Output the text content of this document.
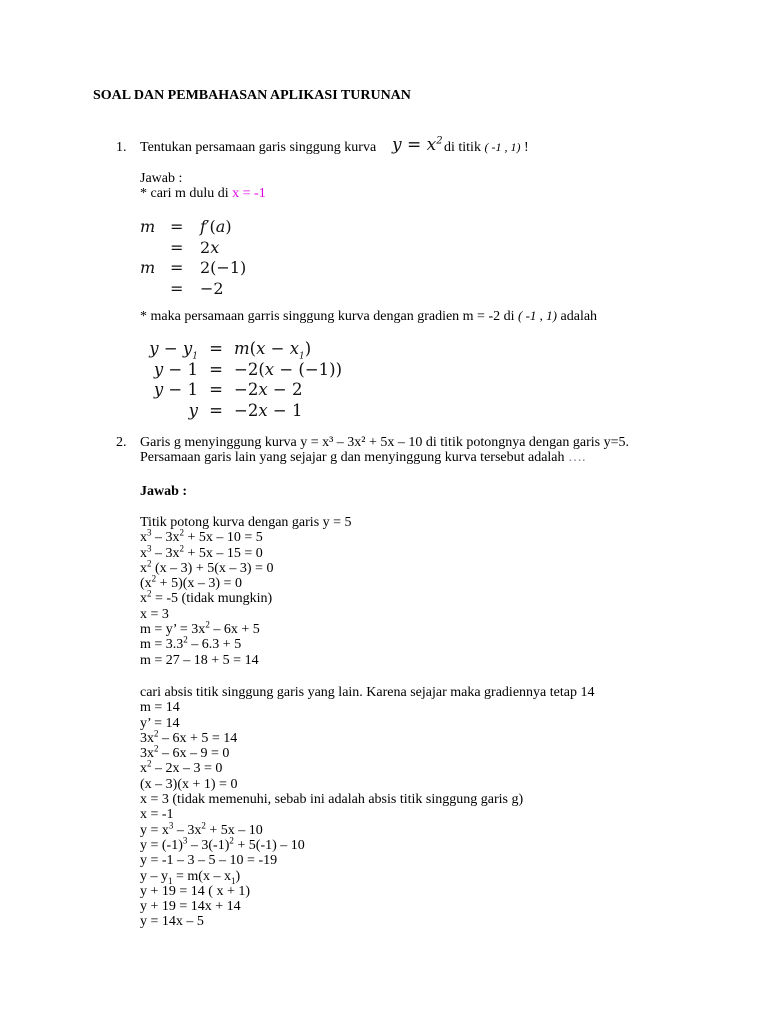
SOAL DAN PEMBAHASAN APLIKASI TURUNAN
1. Tentukan persamaan garis singgung kurva $y = x^2$ di titik ( -1 , 1) !
Jawab :
* cari m dulu di x = -1
m = f′(a)
= 2x
m = 2(−1)
= −2
* maka persamaan garris singgung kurva dengan gradien m = -2 di ( -1 , 1) adalah
$y - y_1 = m(x - x_1)$
y − 1 = −2(x − (−1))
y − 1 = −2x − 2
y = −2x − 1
2. Garis g menyinggung kurva y = x³ – 3x² + 5x – 10 di titik potongnya dengan garis y=5.
Persamaan garis lain yang sejajar g dan menyinggung kurva tersebut adalah ….
Jawab :
Titik potong kurva dengan garis y = 5
$x^3 - 3x^2 + 5x - 10 = 5$
$x^3 - 3x^2 + 5x - 15 = 0$
$x^2$ (x – 3) + 5(x – 3) = 0
$(x^2 + 5)(x - 3) = 0$
$x^2 = -5$ (tidak mungkin)
x = 3
m = y’ = $3x^2 - 6x + 5$
$m = 3.3^2 - 6.3 + 5$
m = 27 – 18 + 5 = 14
cari absis titik singgung garis yang lain. Karena sejajar maka gradiennya tetap 14
m = 14
y’ = 14
$3x^2 - 6x + 5 = 14$
$3x^2 - 6x - 9 = 0$
$x^2 - 2x - 3 = 0$
(x – 3)(x + 1) = 0
x = 3 (tidak memenuhi, sebab ini adalah absis titik singgung garis g)
x = -1
$y = x^3 - 3x^2 + 5x - 10$
$y = (-1)^3 - 3(-1)^2 + 5(-1) - 10$
y = -1 – 3 – 5 – 10 = -19
$y - y_1 = m(x - x_1)$
y + 19 = 14 ( x + 1)
y + 19 = 14x + 14
y = 14x – 5
